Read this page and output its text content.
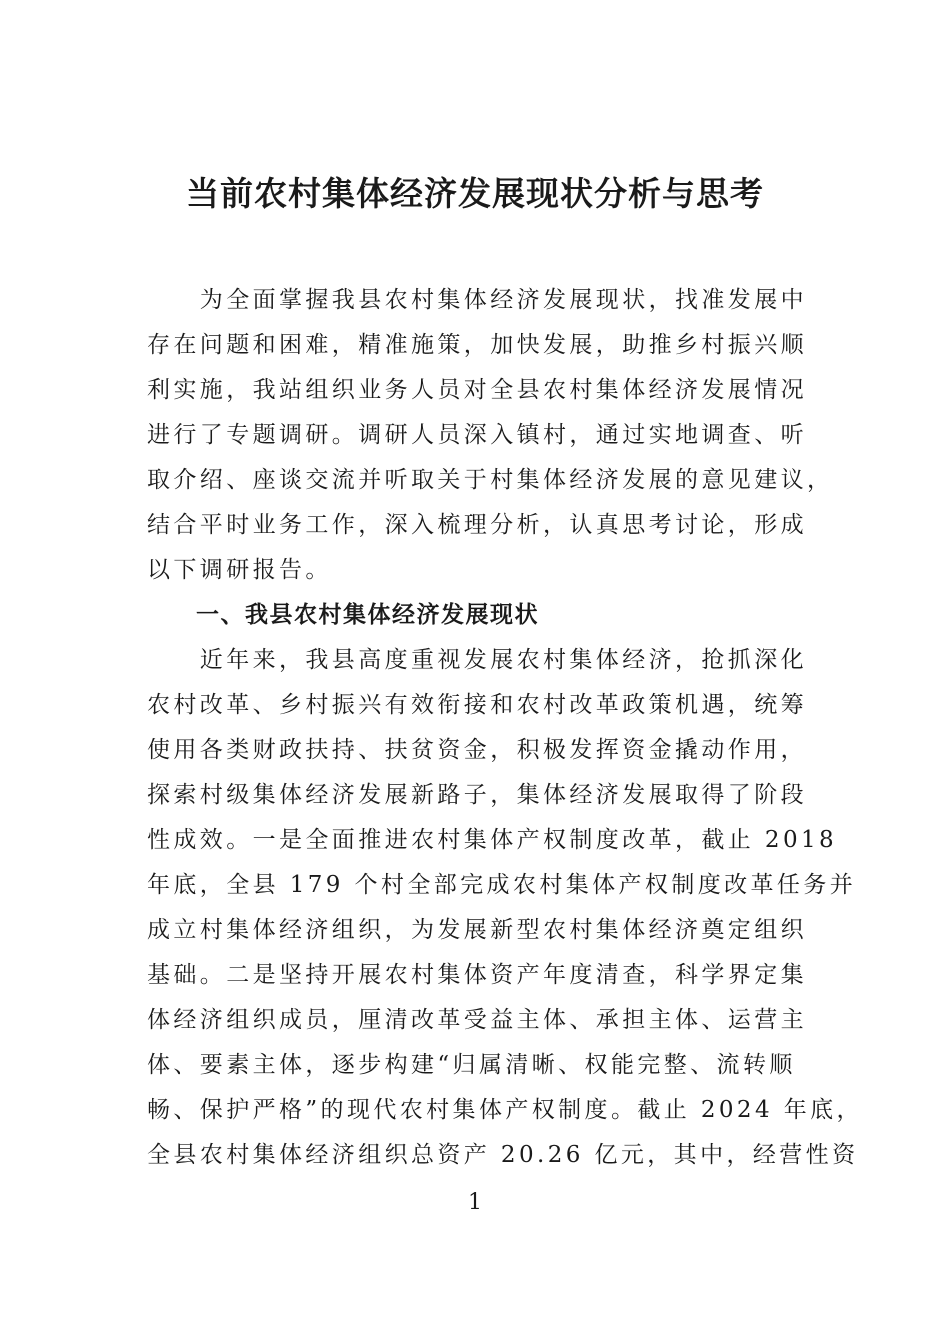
当前农村集体经济发展现状分析与思考
　　为全面掌握我县农村集体经济发展现状，找准发展中
存在问题和困难，精准施策，加快发展，助推乡村振兴顺
利实施，我站组织业务人员对全县农村集体经济发展情况
进行了专题调研。调研人员深入镇村，通过实地调查、听
取介绍、座谈交流并听取关于村集体经济发展的意见建议，
结合平时业务工作，深入梳理分析，认真思考讨论，形成
以下调研报告。
　　一、我县农村集体经济发展现状
　　近年来，我县高度重视发展农村集体经济，抢抓深化
农村改革、乡村振兴有效衔接和农村改革政策机遇，统筹
使用各类财政扶持、扶贫资金，积极发挥资金撬动作用，
探索村级集体经济发展新路子，集体经济发展取得了阶段
性成效。一是全面推进农村集体产权制度改革，截止 2018
年底，全县 179 个村全部完成农村集体产权制度改革任务并
成立村集体经济组织，为发展新型农村集体经济奠定组织
基础。二是坚持开展农村集体资产年度清查，科学界定集
体经济组织成员，厘清改革受益主体、承担主体、运营主
体、要素主体，逐步构建“归属清晰、权能完整、流转顺
畅、保护严格”的现代农村集体产权制度。截止 2024 年底，
全县农村集体经济组织总资产 20.26 亿元，其中，经营性资
1
